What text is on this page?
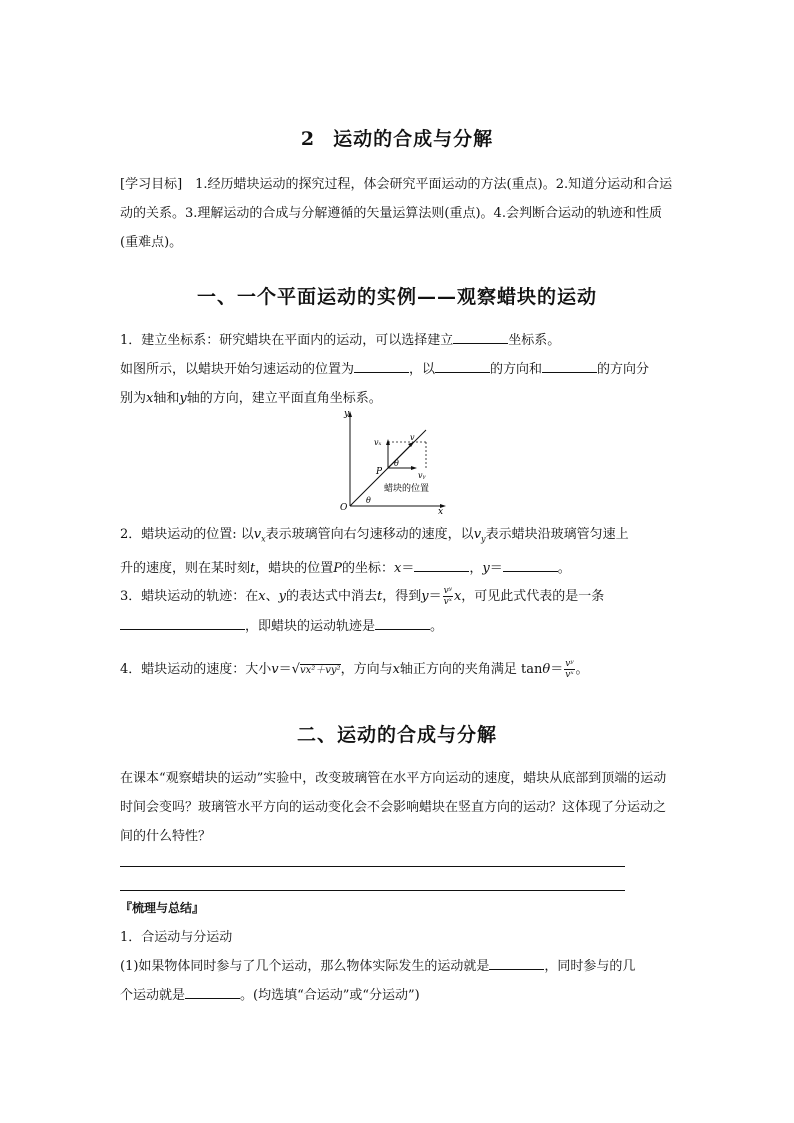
2 运动的合成与分解
[学习目标]　1.经历蜡块运动的探究过程，体会研究平面运动的方法(重点)。2.知道分运动和合运动的关系。3.理解运动的合成与分解遵循的矢量运算法则(重点)。4.会判断合运动的轨迹和性质(重难点)。
一、一个平面运动的实例——观察蜡块的运动
1．建立坐标系：研究蜡块在平面内的运动，可以选择建立	坐标系。
如图所示，以蜡块开始匀速运动的位置为	，以	的方向和	的方向分
别为x轴和y轴的方向，建立平面直角坐标系。
y
x
O
P
vₓ
v
vᵧ
θ
θ
蜡块的位置
2．蜡块运动的位置: 以$v_x$表示玻璃管向右匀速移动的速度，以$v_y$表示蜡块沿玻璃管匀速上
升的速度，则在某时刻t，蜡块的位置P的坐标：x＝	，y＝	。
3．蜡块运动的轨迹：在x、y的表达式中消去t，得到$y= \frac{\text{vʸ}}{\text{vˣ}}$ x，可见此式代表的是一条
，即蜡块的运动轨迹是	。
4．蜡块运动的速度：大小v＝√vx²＋vy²，方向与x轴正方向的夹角满足 $\tan\theta= \frac{\text{vʸ}}{\text{vˣ}}$ 。
二、运动的合成与分解
在课本“观察蜡块的运动”实验中，改变玻璃管在水平方向运动的速度，蜡块从底部到顶端的运动时间会变吗？玻璃管水平方向的运动变化会不会影响蜡块在竖直方向的运动？这体现了分运动之间的什么特性？
『梳理与总结』
1．合运动与分运动
(1)如果物体同时参与了几个运动，那么物体实际发生的运动就是	，同时参与的几
个运动就是	。(均选填“合运动”或“分运动”)
